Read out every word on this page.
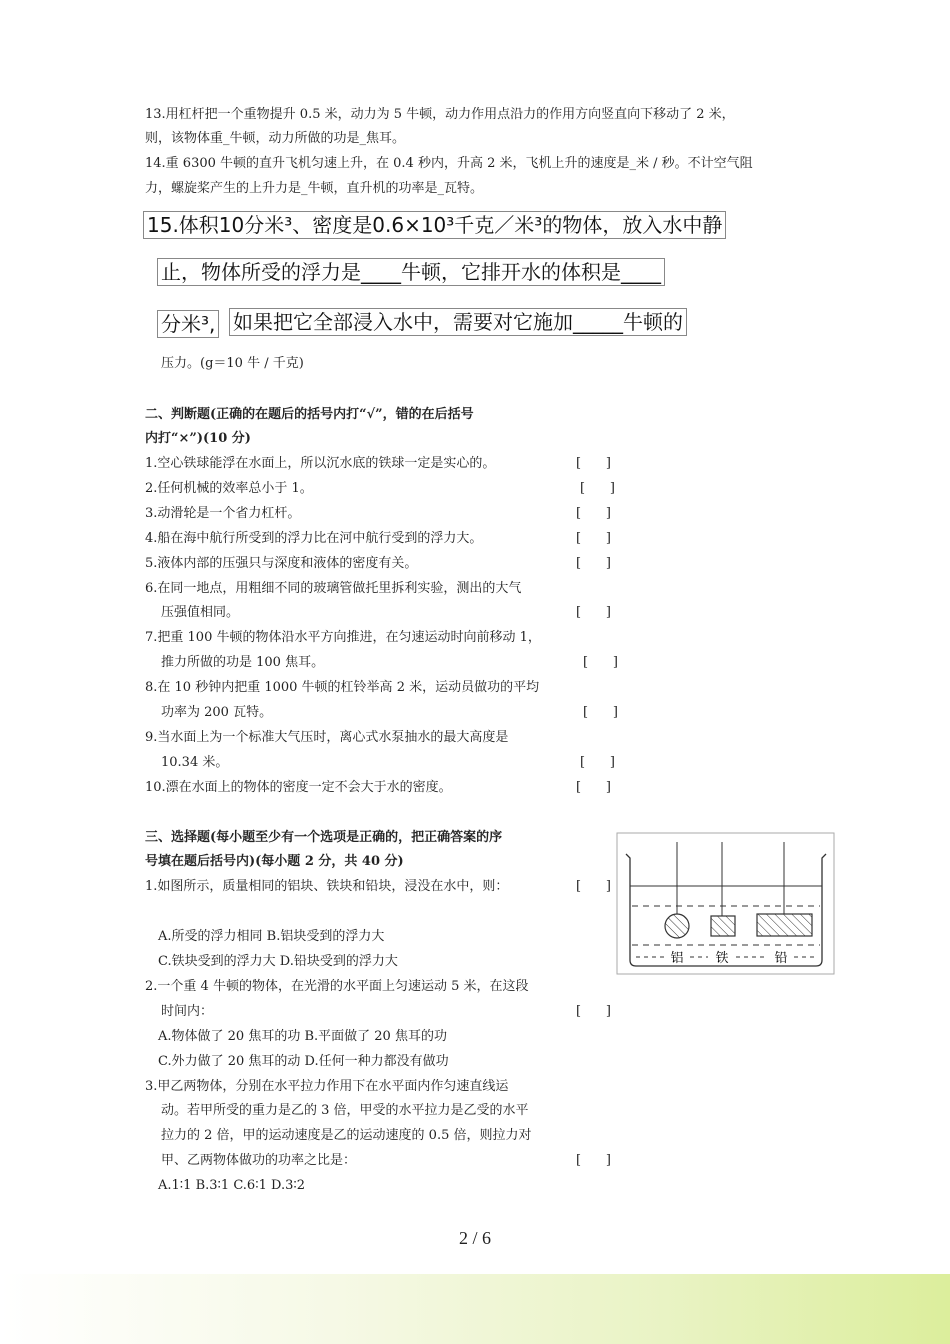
13.用杠杆把一个重物提升 0.5 米，动力为 5 牛顿，动力作用点沿力的作用方向竖直向下移动了 2 米，
则，该物体重_牛顿，动力所做的功是_焦耳。
14.重 6300 牛顿的直升飞机匀速上升，在 0.4 秒内，升高 2 米，飞机上升的速度是_米 / 秒。不计空气阻
力，螺旋桨产生的上升力是_牛顿，直升机的功率是_瓦特。
15.体积10分米³、密度是0.6×10³千克／米³的物体，放入水中静
止，物体所受的浮力是____牛顿，它排开水的体积是____
分米³, 如果把它全部浸入水中，需要对它施加_____牛顿的
压力。(g＝10 牛 / 千克)
二、判断题(正确的在题后的括号内打“√”，错的在后括号
内打“×”)(10 分)
1.空心铁球能浮在水面上，所以沉水底的铁球一定是实心的。	[      ]
2.任何机械的效率总小于 1。	[      ]
3.动滑轮是一个省力杠杆。	[      ]
4.船在海中航行所受到的浮力比在河中航行受到的浮力大。	[      ]
5.液体内部的压强只与深度和液体的密度有关。	[      ]
6.在同一地点，用粗细不同的玻璃管做托里拆利实验，测出的大气
压强值相同。	[      ]
7.把重 100 牛顿的物体沿水平方向推进，在匀速运动时向前移动 1，
推力所做的功是 100 焦耳。	[      ]
8.在 10 秒钟内把重 1000 牛顿的杠铃举高 2 米，运动员做功的平均
功率为 200 瓦特。	[      ]
9.当水面上为一个标准大气压时，离心式水泵抽水的最大高度是
10.34 米。	[      ]
10.漂在水面上的物体的密度一定不会大于水的密度。	[      ]
三、选择题(每小题至少有一个选项是正确的，把正确答案的序
号填在题后括号内)(每小题 2 分，共 40 分)
1.如图所示，质量相同的铝块、铁块和铅块，浸没在水中，则：	[      ]
A.所受的浮力相同 B.铝块受到的浮力大
C.铁块受到的浮力大 D.铅块受到的浮力大
2.一个重 4 牛顿的物体，在光滑的水平面上匀速运动 5 米，在这段
时间内：	[      ]
A.物体做了 20 焦耳的功 B.平面做了 20 焦耳的功
C.外力做了 20 焦耳的动 D.任何一种力都没有做功
3.甲乙两物体，分别在水平拉力作用下在水平面内作匀速直线运
动。若甲所受的重力是乙的 3 倍，甲受的水平拉力是乙受的水平
拉力的 2 倍，甲的运动速度是乙的运动速度的 0.5 倍，则拉力对
甲、乙两物体做功的功率之比是：	[      ]
A.1∶1 B.3∶1 C.6∶1 D.3∶2
铝 铁	铅
2 / 6
